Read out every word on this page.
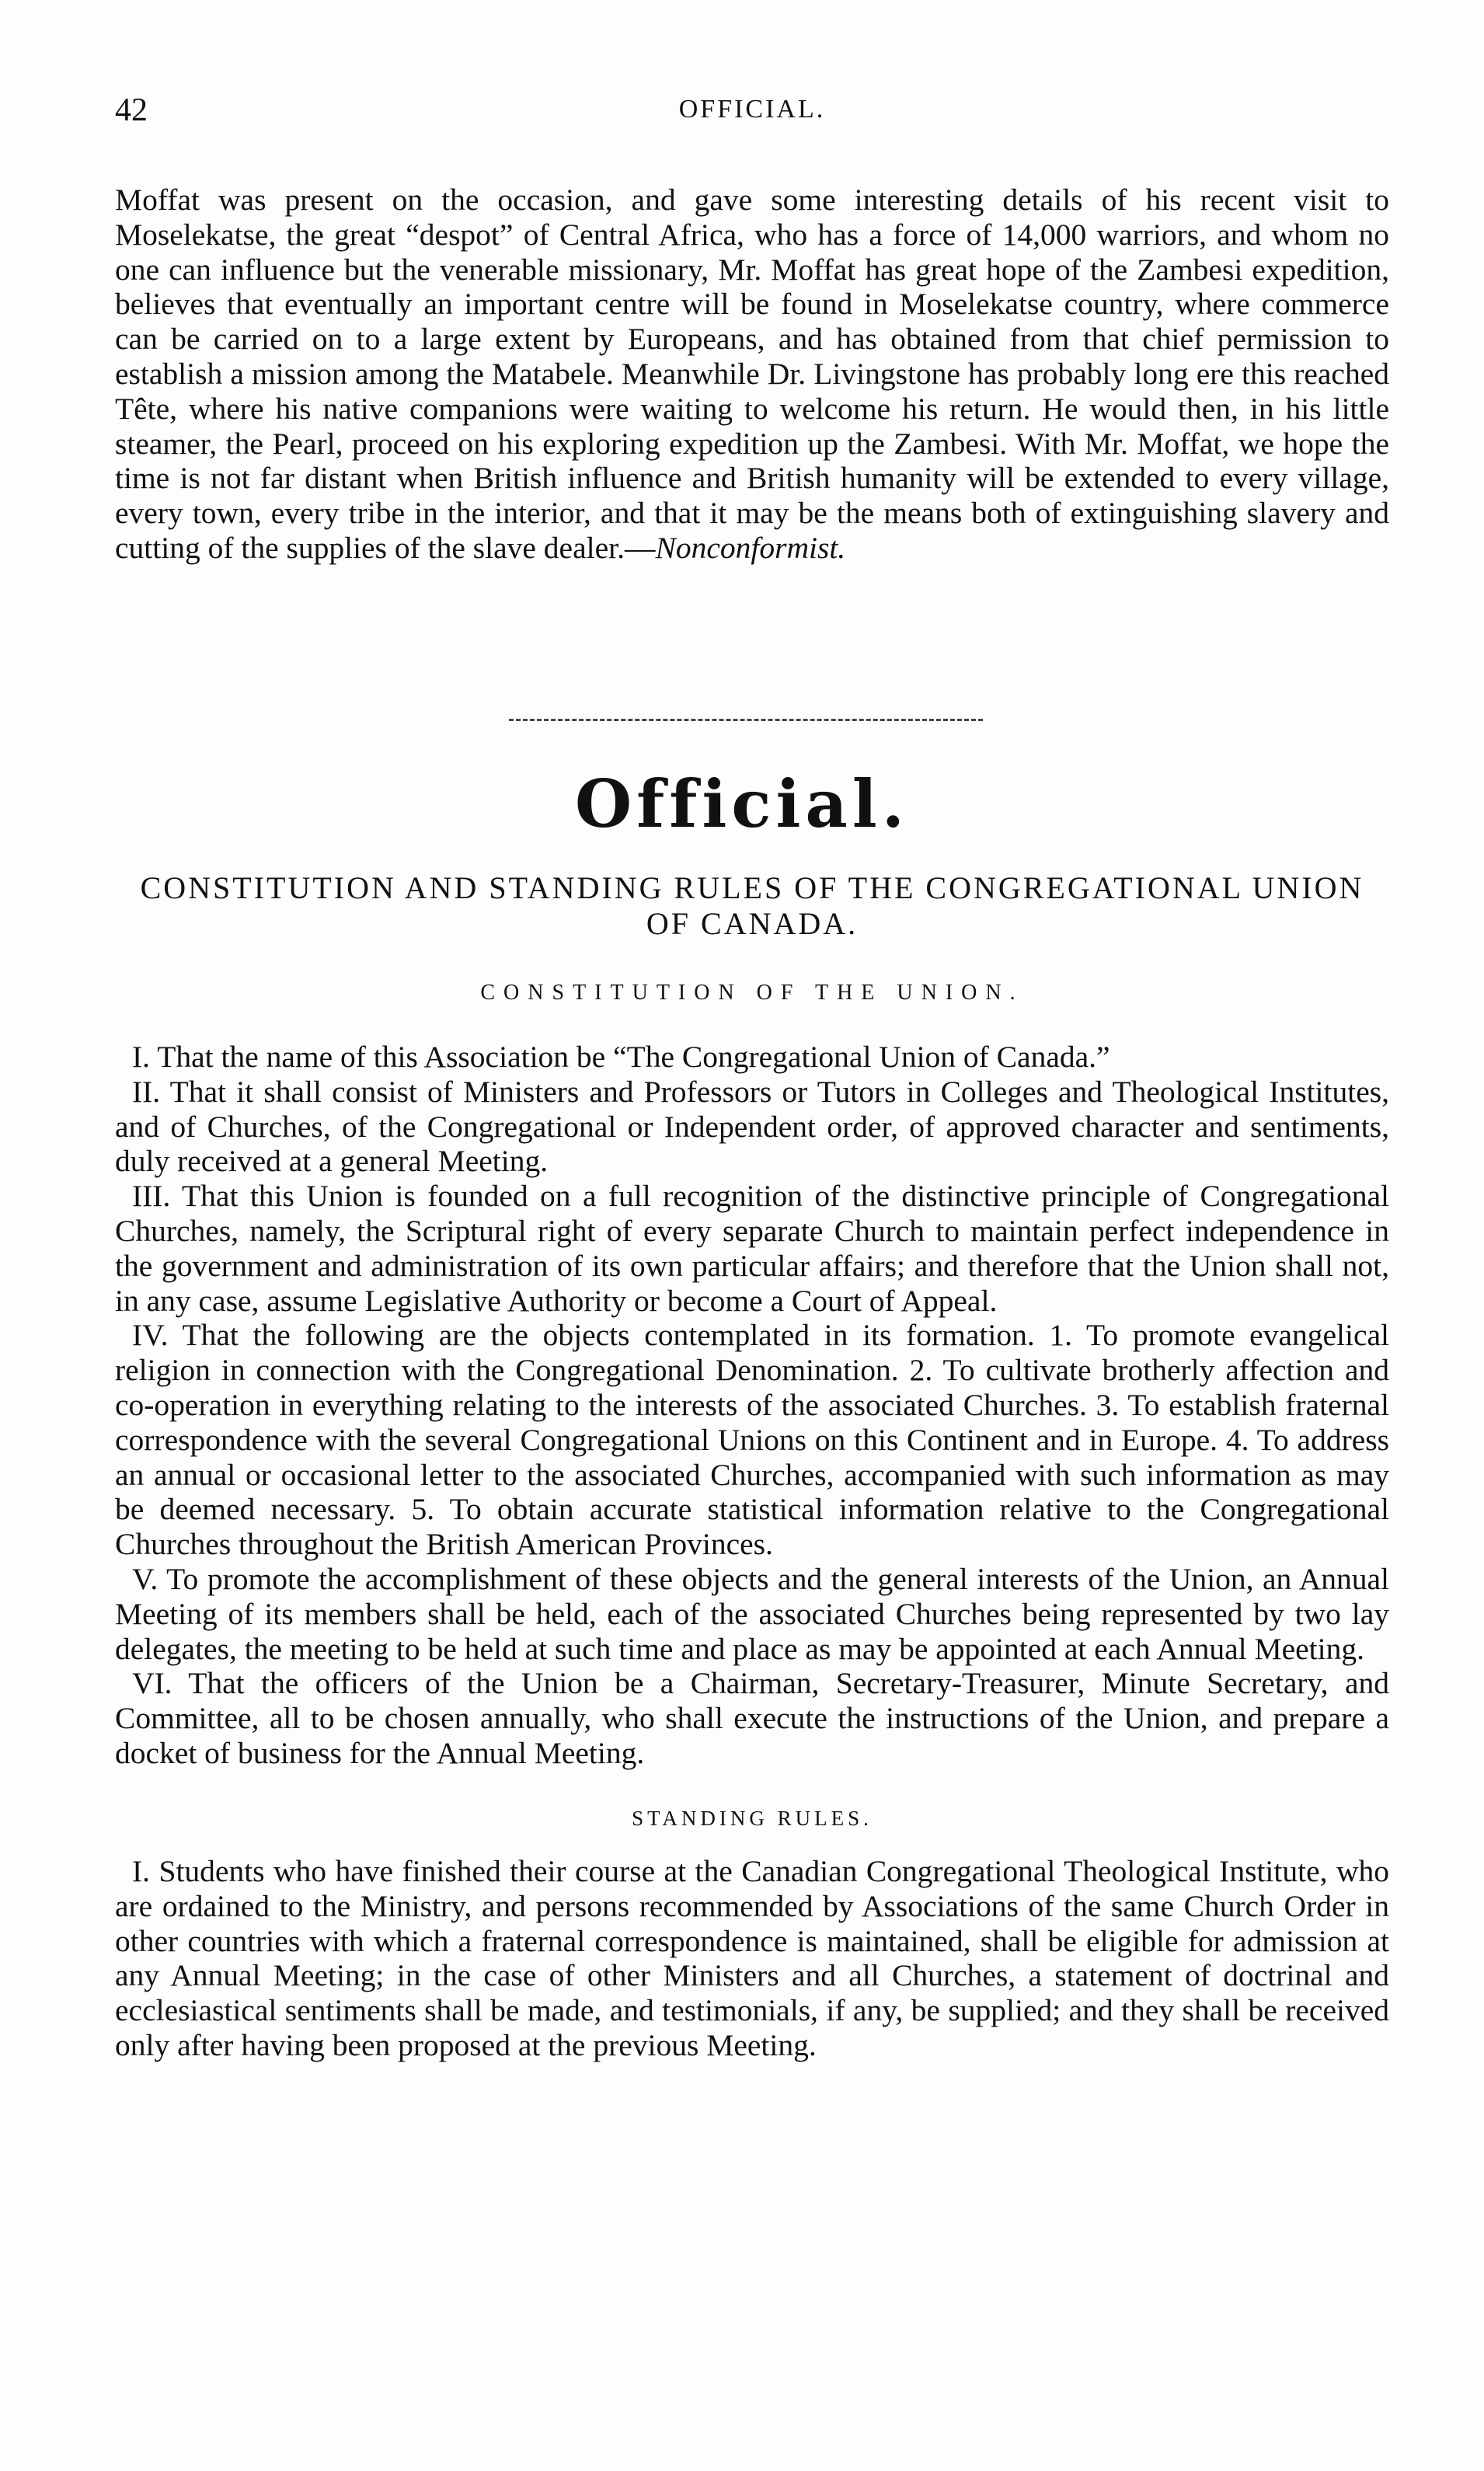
42	OFFICIAL.

Moffat was present on the occasion, and gave some interesting details of his recent visit to Moselekatse, the great “despot” of Central Africa, who has a force of 14,000 warriors, and whom no one can influence but the venerable missionary, Mr. Moffat has great hope of the Zambesi expedition, believes that eventually an important centre will be found in Moselekatse country, where commerce can be carried on to a large extent by Europeans, and has obtained from that chief permission to establish a mission among the Matabele. Meanwhile Dr. Livingstone has probably long ere this reached Tête, where his native companions were waiting to welcome his return. He would then, in his little steamer, the Pearl, proceed on his exploring expedition up the Zambesi. With Mr. Moffat, we hope the time is not far distant when British influence and British humanity will be extended to every village, every town, every tribe in the interior, and that it may be the means both of extinguishing slavery and cutting of the supplies of the slave dealer.—Nonconformist.

Official.
CONSTITUTION AND STANDING RULES OF THE CONGREGATIONAL UNION OF CANADA.
CONSTITUTION OF THE UNION.
I. That the name of this Association be “The Congregational Union of Canada.”
II. That it shall consist of Ministers and Professors or Tutors in Colleges and Theological Institutes, and of Churches, of the Congregational or Independent order, of approved character and sentiments, duly received at a general Meeting.
III. That this Union is founded on a full recognition of the distinctive principle of Congregational Churches, namely, the Scriptural right of every separate Church to maintain perfect independence in the government and administration of its own particular affairs; and therefore that the Union shall not, in any case, assume Legislative Authority or become a Court of Appeal.
IV. That the following are the objects contemplated in its formation. 1. To promote evangelical religion in connection with the Congregational Denomination. 2. To cultivate brotherly affection and co-operation in everything relating to the interests of the associated Churches. 3. To establish fraternal correspondence with the several Congregational Unions on this Continent and in Europe. 4. To address an annual or occasional letter to the associated Churches, accompanied with such information as may be deemed necessary. 5. To obtain accurate statistical information relative to the Congregational Churches throughout the British American Provinces.
V. To promote the accomplishment of these objects and the general interests of the Union, an Annual Meeting of its members shall be held, each of the associated Churches being represented by two lay delegates, the meeting to be held at such time and place as may be appointed at each Annual Meeting.
VI. That the officers of the Union be a Chairman, Secretary-Treasurer, Minute Secretary, and Committee, all to be chosen annually, who shall execute the instructions of the Union, and prepare a docket of business for the Annual Meeting.
STANDING RULES.
I. Students who have finished their course at the Canadian Congregational Theological Institute, who are ordained to the Ministry, and persons recommended by Associations of the same Church Order in other countries with which a fraternal correspondence is maintained, shall be eligible for admission at any Annual Meeting; in the case of other Ministers and all Churches, a statement of doctrinal and ecclesiastical sentiments shall be made, and testimonials, if any, be supplied; and they shall be received only after having been proposed at the previous Meeting.
